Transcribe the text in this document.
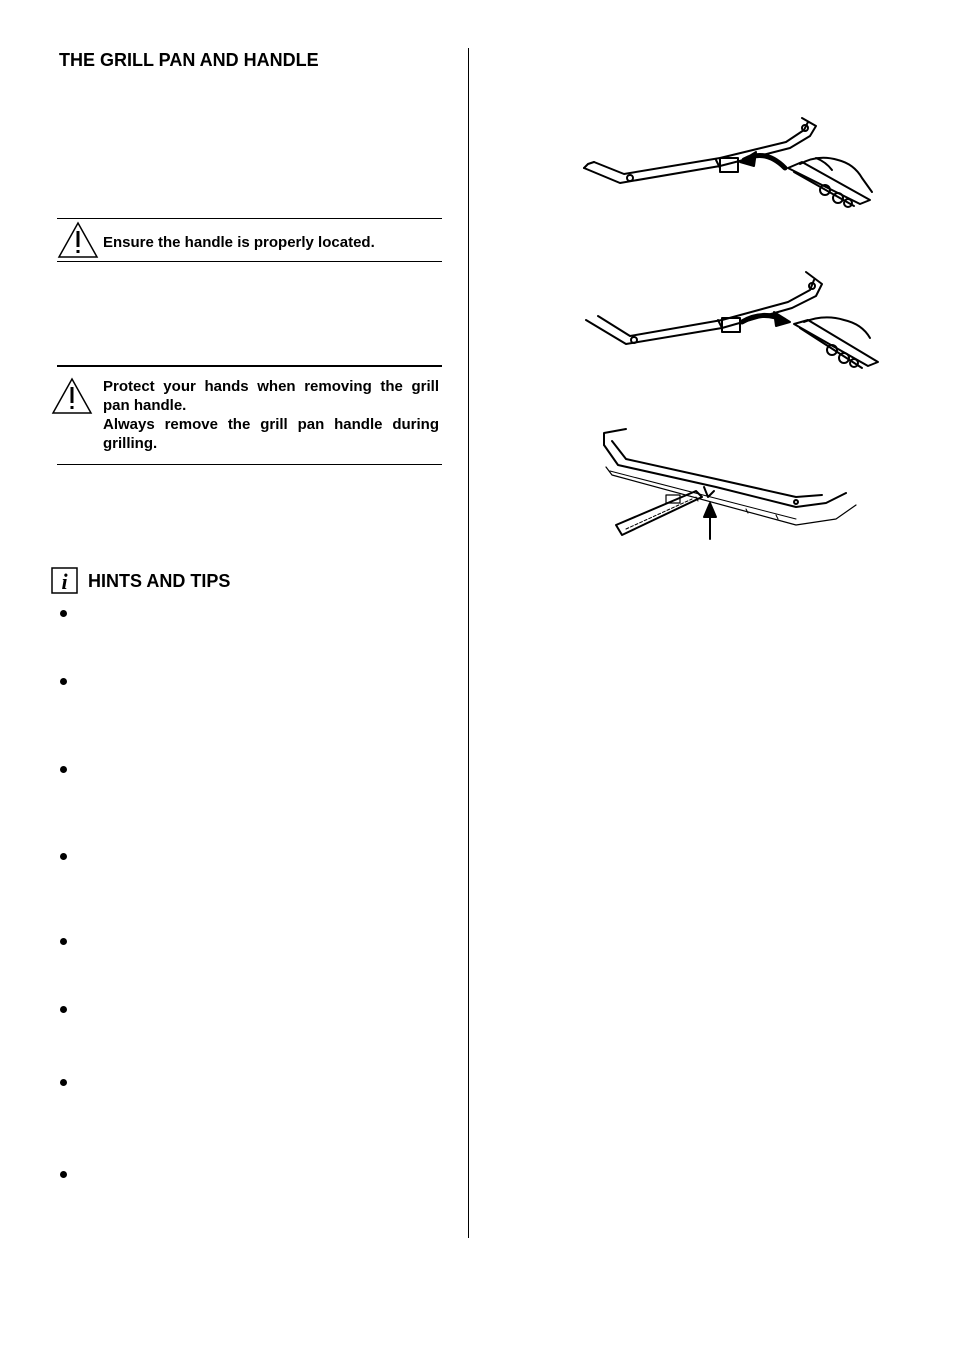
THE GRILL PAN AND HANDLE
Ensure the handle is properly located.
Protect your hands when removing the grill pan handle.
Always remove the grill pan handle during grilling.
i HINTS AND TIPS
